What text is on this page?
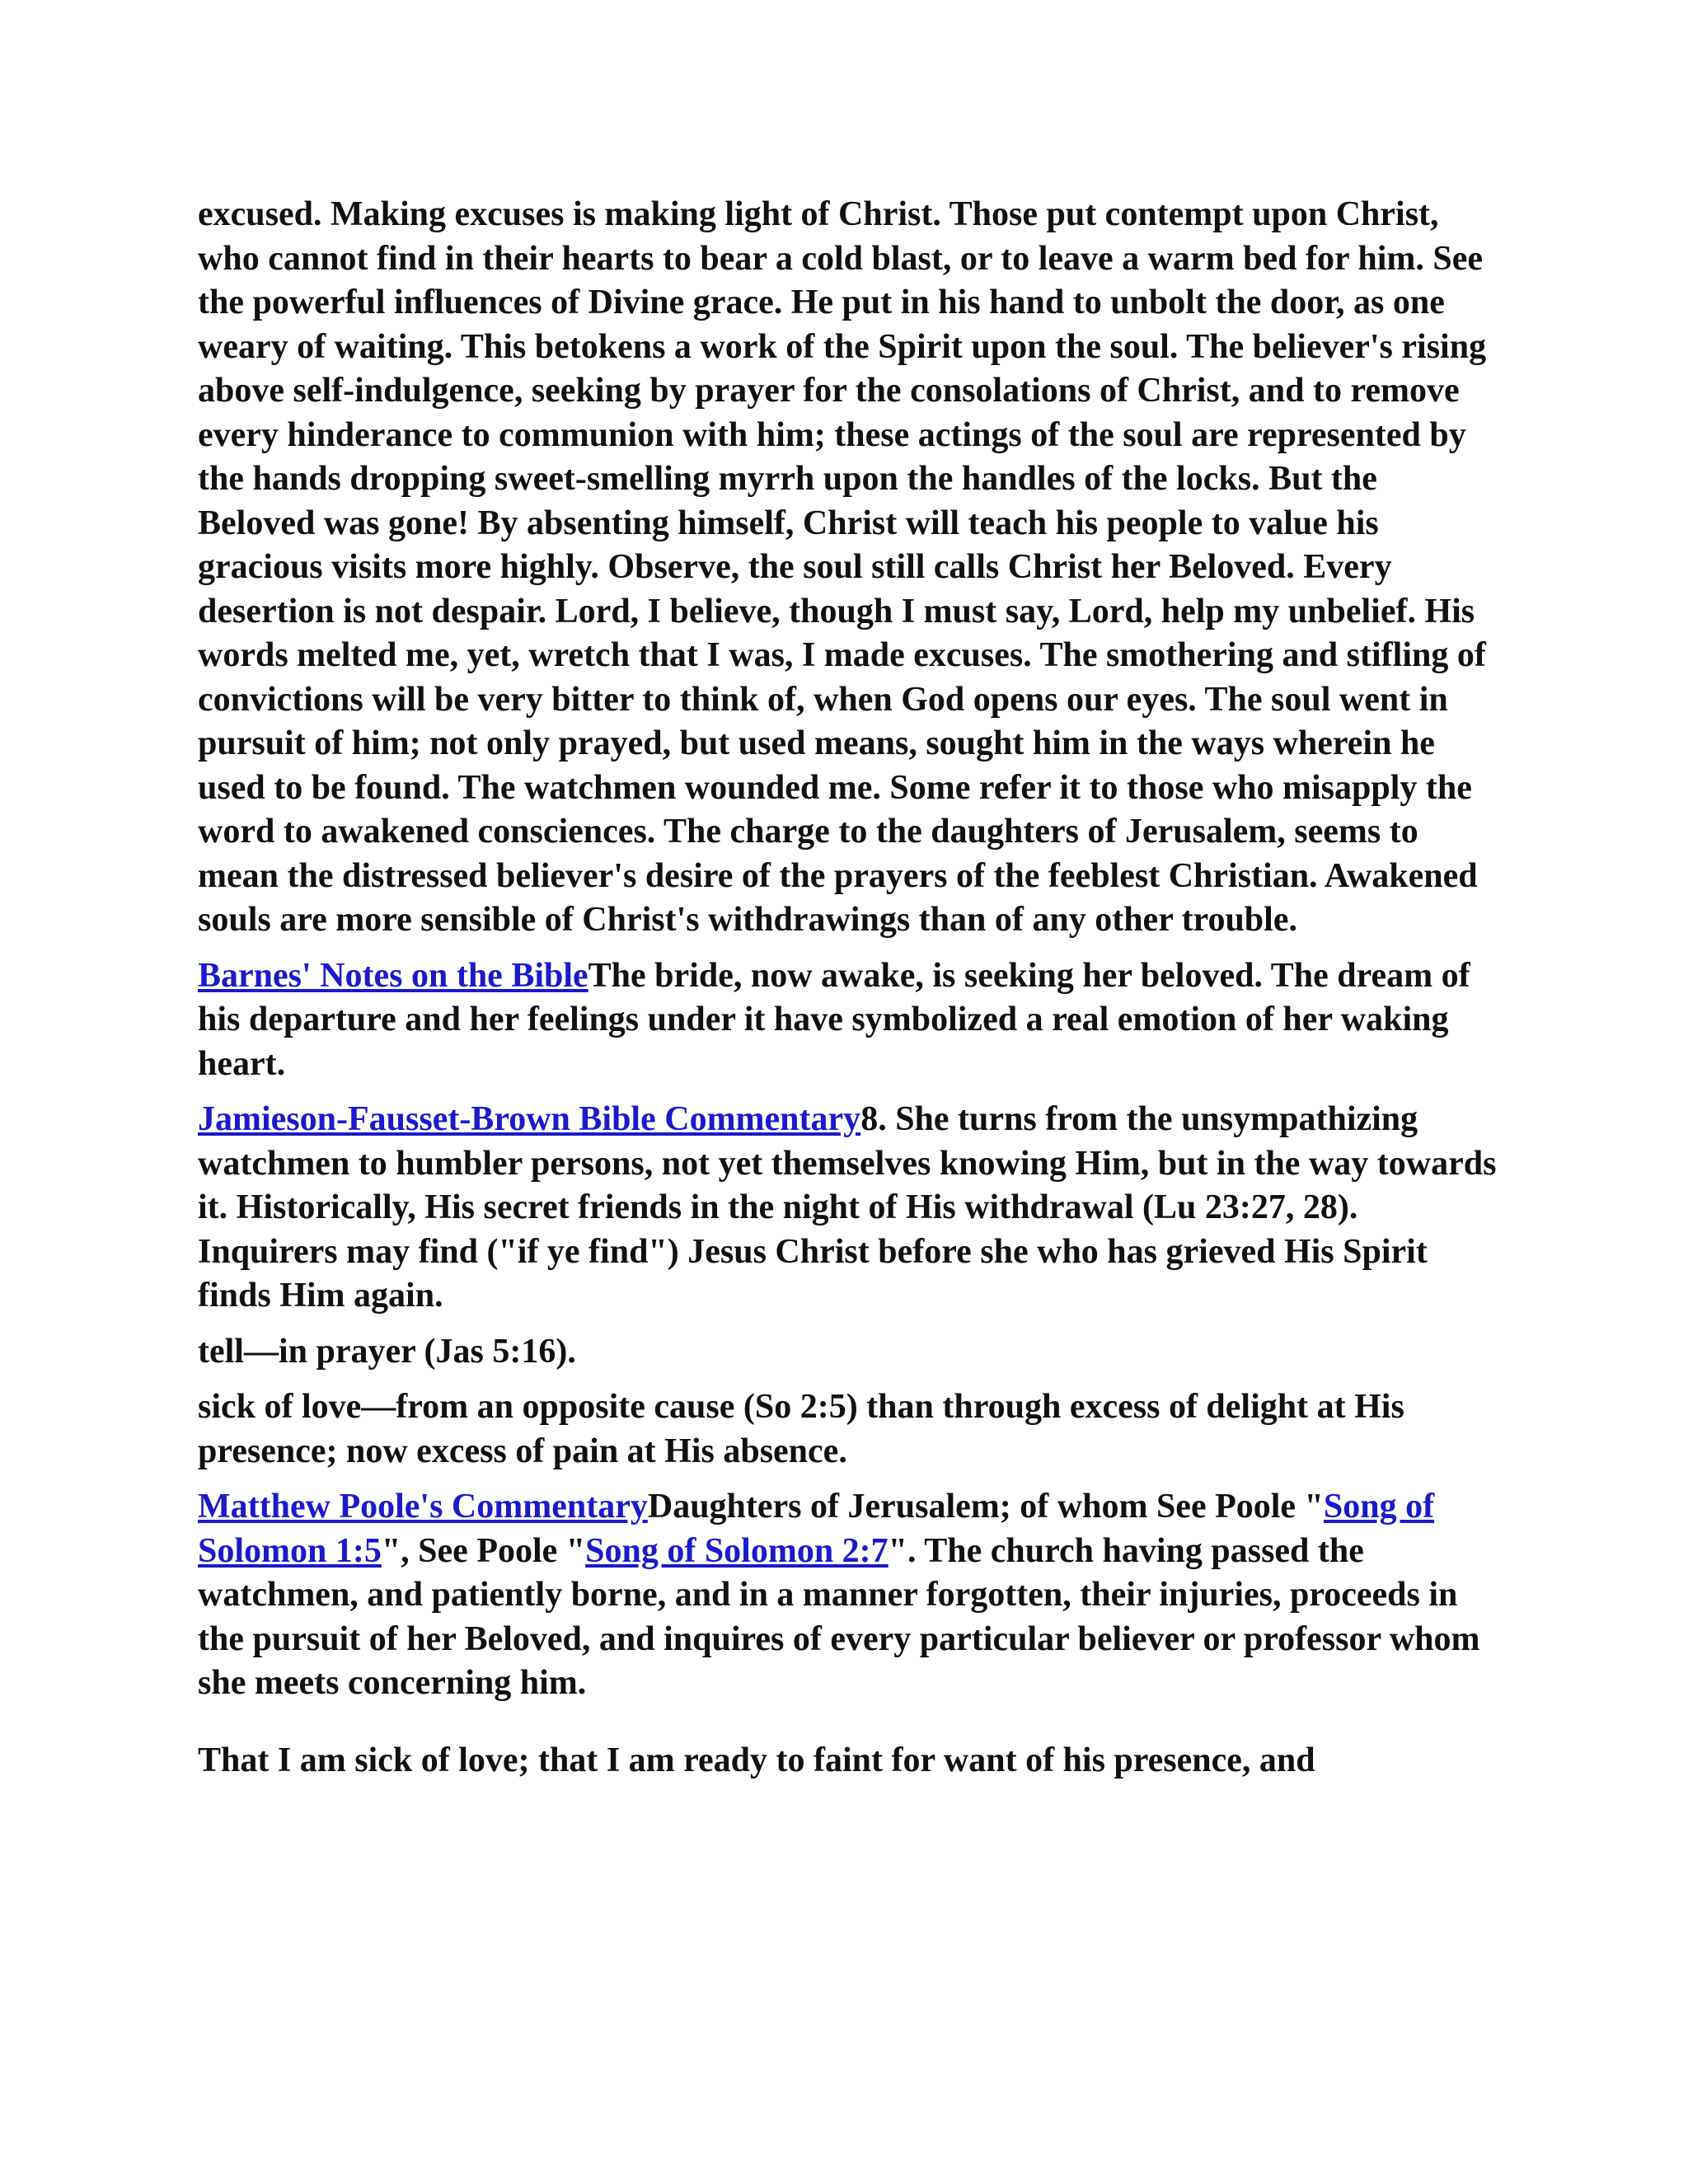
excused. Making excuses is making light of Christ. Those put contempt upon Christ, who cannot find in their hearts to bear a cold blast, or to leave a warm bed for him. See the powerful influences of Divine grace. He put in his hand to unbolt the door, as one weary of waiting. This betokens a work of the Spirit upon the soul. The believer's rising above self-indulgence, seeking by prayer for the consolations of Christ, and to remove every hinderance to communion with him; these actings of the soul are represented by the hands dropping sweet-smelling myrrh upon the handles of the locks. But the Beloved was gone! By absenting himself, Christ will teach his people to value his gracious visits more highly. Observe, the soul still calls Christ her Beloved. Every desertion is not despair. Lord, I believe, though I must say, Lord, help my unbelief. His words melted me, yet, wretch that I was, I made excuses. The smothering and stifling of convictions will be very bitter to think of, when God opens our eyes. The soul went in pursuit of him; not only prayed, but used means, sought him in the ways wherein he used to be found. The watchmen wounded me. Some refer it to those who misapply the word to awakened consciences. The charge to the daughters of Jerusalem, seems to mean the distressed believer's desire of the prayers of the feeblest Christian. Awakened souls are more sensible of Christ's withdrawings than of any other trouble.

Barnes' Notes on the BibleThe bride, now awake, is seeking her beloved. The dream of his departure and her feelings under it have symbolized a real emotion of her waking heart.

Jamieson-Fausset-Brown Bible Commentary8. She turns from the unsympathizing watchmen to humbler persons, not yet themselves knowing Him, but in the way towards it. Historically, His secret friends in the night of His withdrawal (Lu 23:27, 28). Inquirers may find ("if ye find") Jesus Christ before she who has grieved His Spirit finds Him again.

tell—in prayer (Jas 5:16).

sick of love—from an opposite cause (So 2:5) than through excess of delight at His presence; now excess of pain at His absence.

Matthew Poole's CommentaryDaughters of Jerusalem; of whom See Poole "Song of Solomon 1:5", See Poole "Song of Solomon 2:7". The church having passed the watchmen, and patiently borne, and in a manner forgotten, their injuries, proceeds in the pursuit of her Beloved, and inquires of every particular believer or professor whom she meets concerning him.

That I am sick of love; that I am ready to faint for want of his presence, and
